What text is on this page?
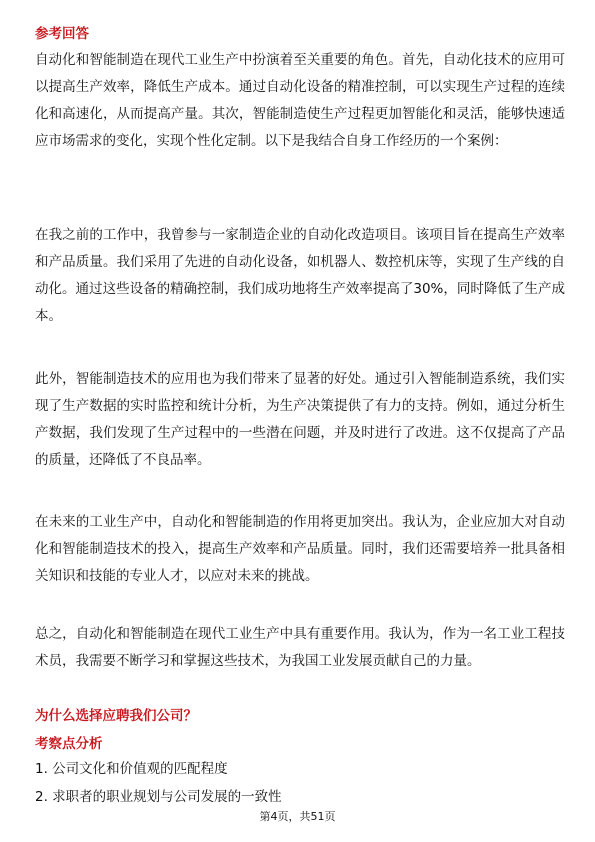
参考回答
自动化和智能制造在现代工业生产中扮演着至关重要的角色。首先，自动化技术的应用可以提高生产效率，降低生产成本。通过自动化设备的精准控制，可以实现生产过程的连续化和高速化，从而提高产量。其次，智能制造使生产过程更加智能化和灵活，能够快速适应市场需求的变化，实现个性化定制。以下是我结合自身工作经历的一个案例：
在我之前的工作中，我曾参与一家制造企业的自动化改造项目。该项目旨在提高生产效率和产品质量。我们采用了先进的自动化设备，如机器人、数控机床等，实现了生产线的自动化。通过这些设备的精确控制，我们成功地将生产效率提高了30%，同时降低了生产成本。
此外，智能制造技术的应用也为我们带来了显著的好处。通过引入智能制造系统，我们实现了生产数据的实时监控和统计分析，为生产决策提供了有力的支持。例如，通过分析生产数据，我们发现了生产过程中的一些潜在问题，并及时进行了改进。这不仅提高了产品的质量，还降低了不良品率。
在未来的工业生产中，自动化和智能制造的作用将更加突出。我认为，企业应加大对自动化和智能制造技术的投入，提高生产效率和产品质量。同时，我们还需要培养一批具备相关知识和技能的专业人才，以应对未来的挑战。
总之，自动化和智能制造在现代工业生产中具有重要作用。我认为，作为一名工业工程技术员，我需要不断学习和掌握这些技术，为我国工业发展贡献自己的力量。
为什么选择应聘我们公司？
考察点分析
1. 公司文化和价值观的匹配程度
2. 求职者的职业规划与公司发展的一致性
第4页，共51页
